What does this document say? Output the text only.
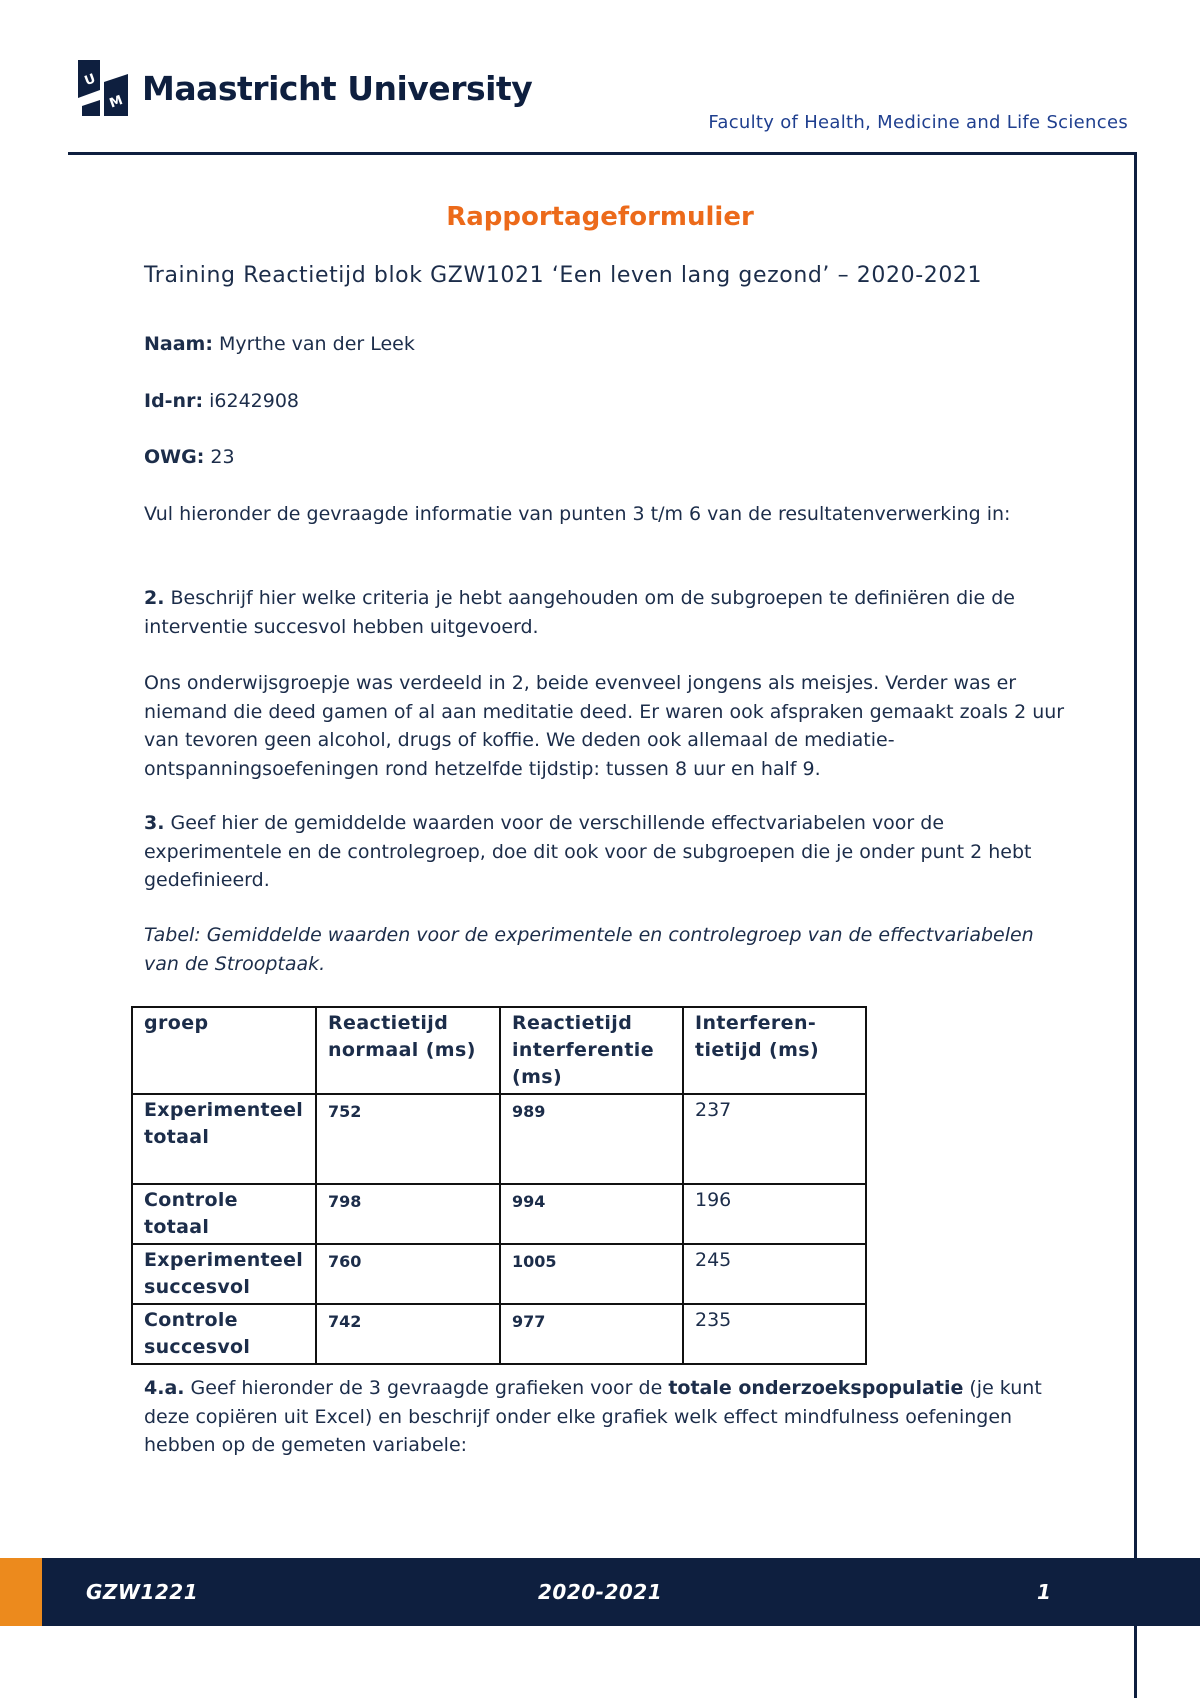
U
M Maastricht University
Faculty of Health, Medicine and Life Sciences
Rapportageformulier
Training Reactietijd blok GZW1021 ‘Een leven lang gezond’ – 2020-2021
Naam: Myrthe van der Leek
Id-nr: i6242908
OWG: 23
Vul hieronder de gevraagde informatie van punten 3 t/m 6 van de resultatenverwerking in:
2. Beschrijf hier welke criteria je hebt aangehouden om de subgroepen te definiëren die de interventie succesvol hebben uitgevoerd.
Ons onderwijsgroepje was verdeeld in 2, beide evenveel jongens als meisjes. Verder was er niemand die deed gamen of al aan meditatie deed. Er waren ook afspraken gemaakt zoals 2 uur van tevoren geen alcohol, drugs of koffie. We deden ook allemaal de mediatie- ontspanningsoefeningen rond hetzelfde tijdstip: tussen 8 uur en half 9.
3. Geef hier de gemiddelde waarden voor de verschillende effectvariabelen voor de experimentele en de controlegroep, doe dit ook voor de subgroepen die je onder punt 2 hebt gedefinieerd.
Tabel: Gemiddelde waarden voor de experimentele en controlegroep van de effectvariabelen van de Strooptaak.
groep	Reactietijd normaal (ms)	Reactietijd interferentie (ms)	Interferen-tietijd (ms)
Experimenteel totaal	752	989	237
Controle totaal	798	994	196
Experimenteel succesvol	760	1005	245
Controle succesvol	742	977	235
4.a. Geef hieronder de 3 gevraagde grafieken voor de totale onderzoekspopulatie (je kunt deze copiëren uit Excel) en beschrijf onder elke grafiek welk effect mindfulness oefeningen hebben op de gemeten variabele:
GZW1221	2020-2021	1
